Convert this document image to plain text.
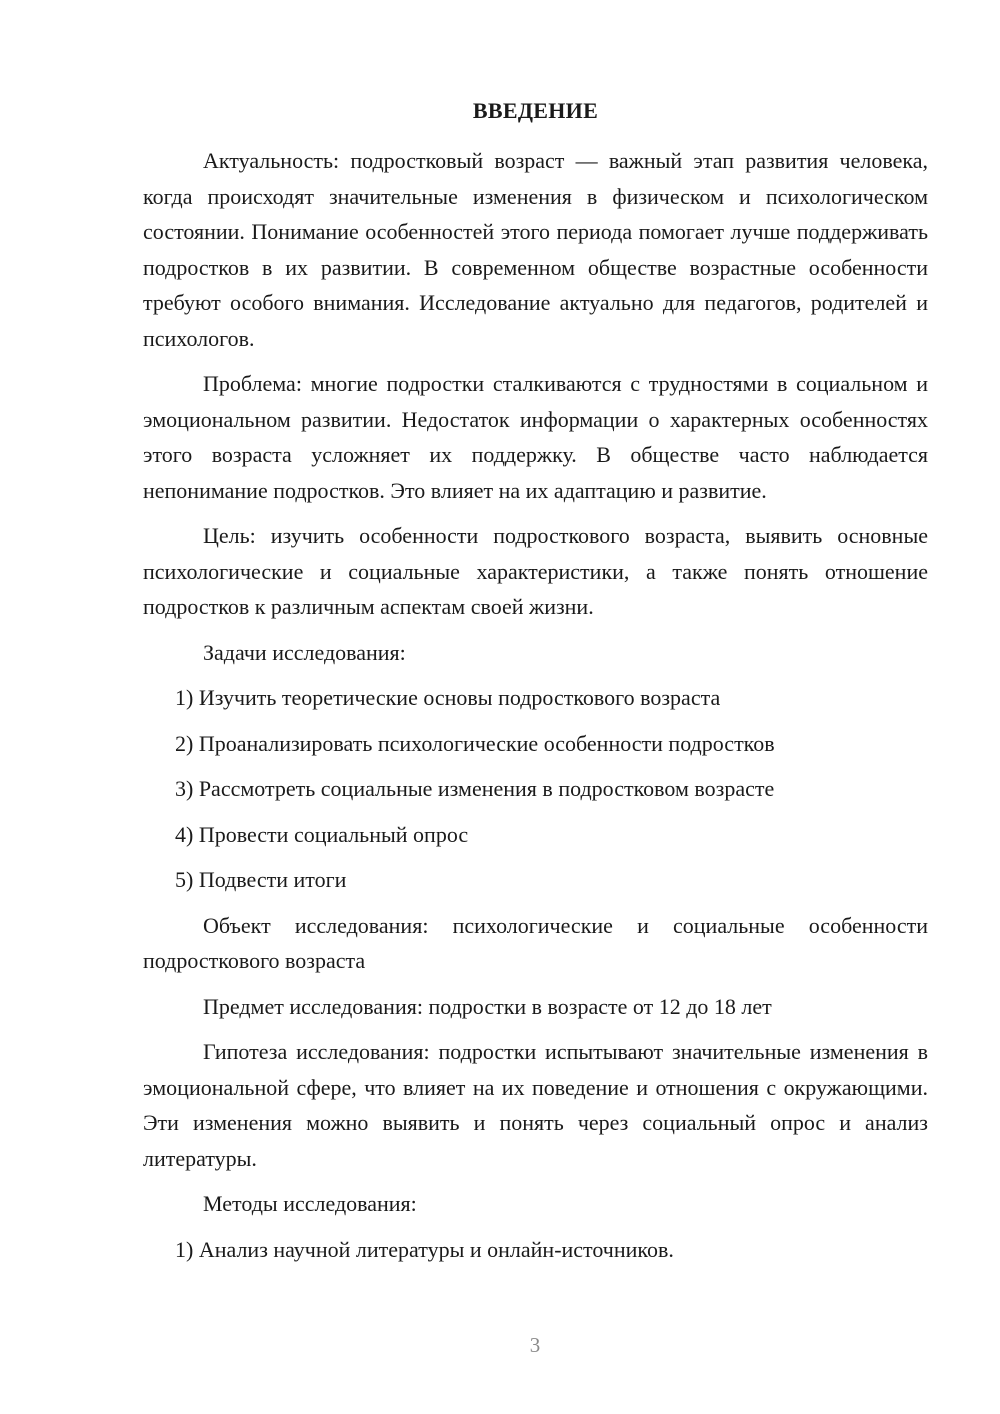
ВВЕДЕНИЕ

Актуальность: подростковый возраст — важный этап развития человека, когда происходят значительные изменения в физическом и психологическом состоянии. Понимание особенностей этого периода помогает лучше поддерживать подростков в их развитии. В современном обществе возрастные особенности требуют особого внимания. Исследование актуально для педагогов, родителей и психологов.

Проблема: многие подростки сталкиваются с трудностями в социальном и эмоциональном развитии. Недостаток информации о характерных особенностях этого возраста усложняет их поддержку. В обществе часто наблюдается непонимание подростков. Это влияет на их адаптацию и развитие.

Цель: изучить особенности подросткового возраста, выявить основные психологические и социальные характеристики, а также понять отношение подростков к различным аспектам своей жизни.

Задачи исследования:

1) Изучить теоретические основы подросткового возраста
2) Проанализировать психологические особенности подростков
3) Рассмотреть социальные изменения в подростковом возрасте
4) Провести социальный опрос
5) Подвести итоги

Объект исследования: психологические и социальные особенности подросткового возраста

Предмет исследования: подростки в возрасте от 12 до 18 лет

Гипотеза исследования: подростки испытывают значительные изменения в эмоциональной сфере, что влияет на их поведение и отношения с окружающими. Эти изменения можно выявить и понять через социальный опрос и анализ литературы.

Методы исследования:

1) Анализ научной литературы и онлайн-источников.
3
